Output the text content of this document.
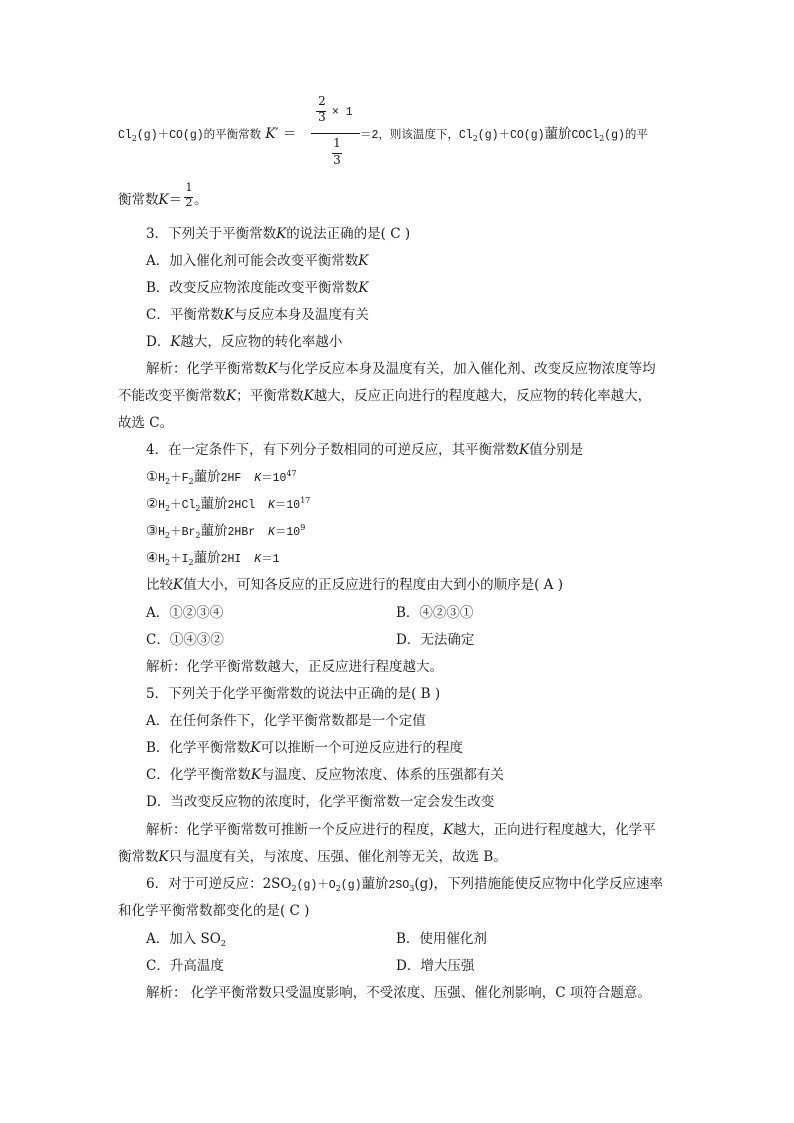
2
3 × 1
1
3
$Cl_2(g)+CO(g)$的平衡常数 K′ ＝	＝2，则该温度下，$Cl_2(g)+CO(g)$蘁斺COCl$_2$(g)的平
衡常数K＝
1
2 。
3．下列关于平衡常数K的说法正确的是( C )
A．加入催化剂可能会改变平衡常数K
B．改变反应物浓度能改变平衡常数K
C．平衡常数K与反应本身及温度有关
D．K越大，反应物的转化率越小
解析：化学平衡常数K与化学反应本身及温度有关，加入催化剂、改变反应物浓度等均
不能改变平衡常数K；平衡常数K越大，反应正向进行的程度越大，反应物的转化率越大，
故选 C。
4．在一定条件下，有下列分子数相同的可逆反应，其平衡常数K值分别是
$①H_2+F_2$蘁斺2HF $K=10^{47}$
$②H_2+Cl_2$蘁斺2HCl $K=10^{17}$
$③H_2+Br_2$蘁斺2HBr $K=10^9$
$④H_2+I_2$蘁斺2HI K＝1
比较K值大小，可知各反应的正反应进行的程度由大到小的顺序是( A )
A．①②③④	B．④②③①
C．①④③②	D．无法确定
解析：化学平衡常数越大，正反应进行程度越大。
5．下列关于化学平衡常数的说法中正确的是( B )
A．在任何条件下，化学平衡常数都是一个定值
B．化学平衡常数K可以推断一个可逆反应进行的程度
C．化学平衡常数K与温度、反应物浓度、体系的压强都有关
D．当改变反应物的浓度时，化学平衡常数一定会发生改变
解析：化学平衡常数可推断一个反应进行的程度，K越大，正向进行程度越大，化学平
衡常数K只与温度有关，与浓度、压强、催化剂等无关，故选 B。
6．对于可逆反应：$2SO_2(g)+O_2(g)$蘁斺$2SO_3(g)$，下列措施能使反应物中化学反应速率
和化学平衡常数都变化的是( C )
A．加入 $SO_2$	B．使用催化剂
C．升高温度	D．增大压强
解析： 化学平衡常数只受温度影响，不受浓度、压强、催化剂影响，C 项符合题意。
